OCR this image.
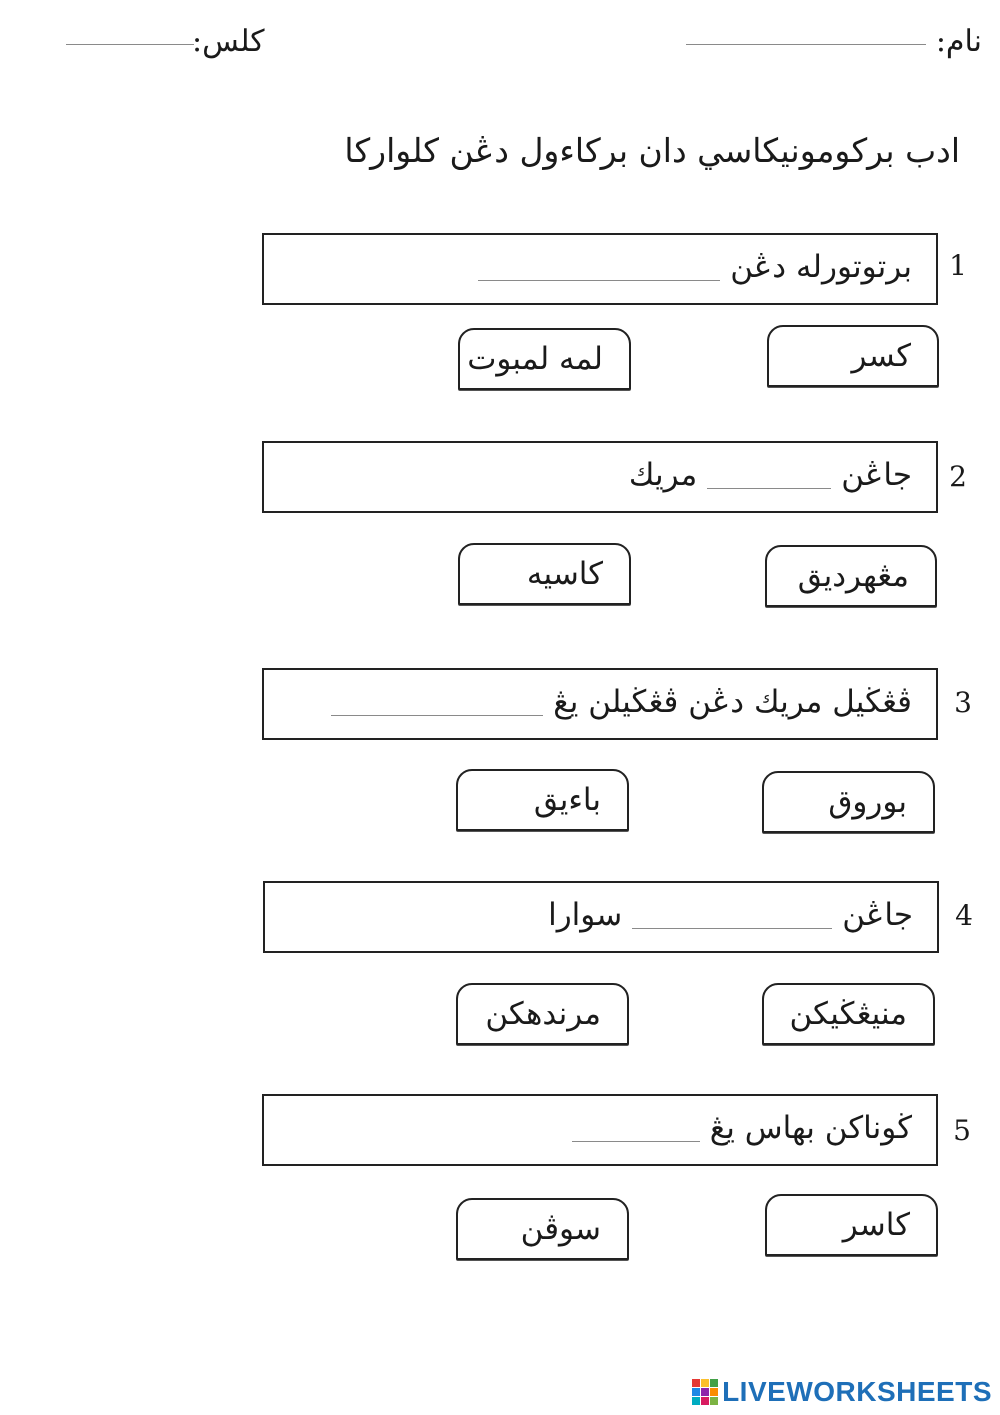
نام:
كلس:
ادب بركومونيكاسي دان بركاءول دڠن كلواركا
1
برتوتورله دڠن
كسر
لمه لمبوت
2
جاڠن
مريك
مڠهرديق
كاسيه
3
ڤڠڬيل مريك دڠن ڤڠڬيلن يڠ
بوروق
باءيق
4
جاڠن
سوارا
منيڠڬيكن
مرندهكن
5
ڬوناكن بهاس يڠ
كاسر
سوڤن
LIVEWORKSHEETS
